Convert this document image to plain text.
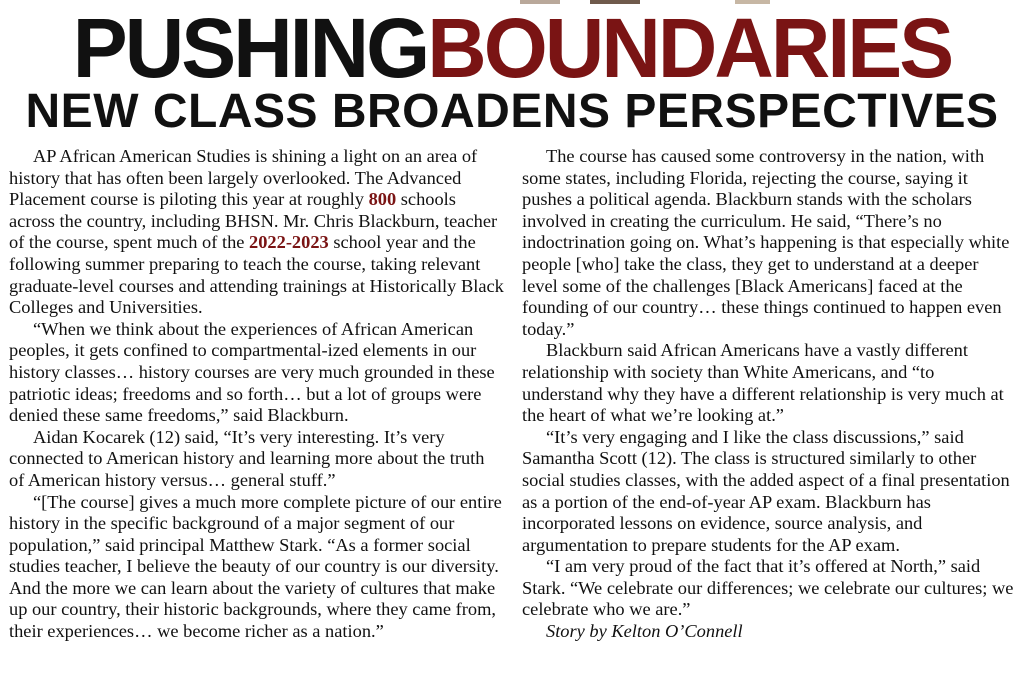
PUSHINGBOUNDARIES
NEW CLASS BROADENS PERSPECTIVES

AP African American Studies is shining a light on an area of history that has often been largely overlooked. The Advanced Placement course is piloting this year at roughly 800 schools across the country, including BHSN. Mr. Chris Blackburn, teacher of the course, spent much of the 2022-2023 school year and the following summer preparing to teach the course, taking relevant graduate-level courses and attending trainings at Historically Black Colleges and Universities.

“When we think about the experiences of African American peoples, it gets confined to compartmental-ized elements in our history classes… history courses are very much grounded in these patriotic ideas; freedoms and so forth… but a lot of groups were denied these same freedoms,” said Blackburn.

Aidan Kocarek (12) said, “It’s very interesting. It’s very connected to American history and learning more about the truth of American history versus… general stuff.”

“[The course] gives a much more complete picture of our entire history in the specific background of a major segment of our population,” said principal Matthew Stark. “As a former social studies teacher, I believe the beauty of our country is our diversity. And the more we can learn about the variety of cultures that make up our country, their historic backgrounds, where they came from, their experiences… we become richer as a nation.”

The course has caused some controversy in the nation, with some states, including Florida, rejecting the course, saying it pushes a political agenda. Blackburn stands with the scholars involved in creating the curriculum. He said, “There’s no indoctrination going on. What’s happening is that especially white people [who] take the class, they get to understand at a deeper level some of the challenges [Black Americans] faced at the founding of our country… these things continued to happen even today.”

Blackburn said African Americans have a vastly different relationship with society than White Americans, and “to understand why they have a different relationship is very much at the heart of what we’re looking at.”

“It’s very engaging and I like the class discussions,” said Samantha Scott (12). The class is structured similarly to other social studies classes, with the added aspect of a final presentation as a portion of the end-of-year AP exam. Blackburn has incorporated lessons on evidence, source analysis, and argumentation to prepare students for the AP exam.

“I am very proud of the fact that it’s offered at North,” said Stark. “We celebrate our differences; we celebrate our cultures; we celebrate who we are.”

Story by Kelton O’Connell
